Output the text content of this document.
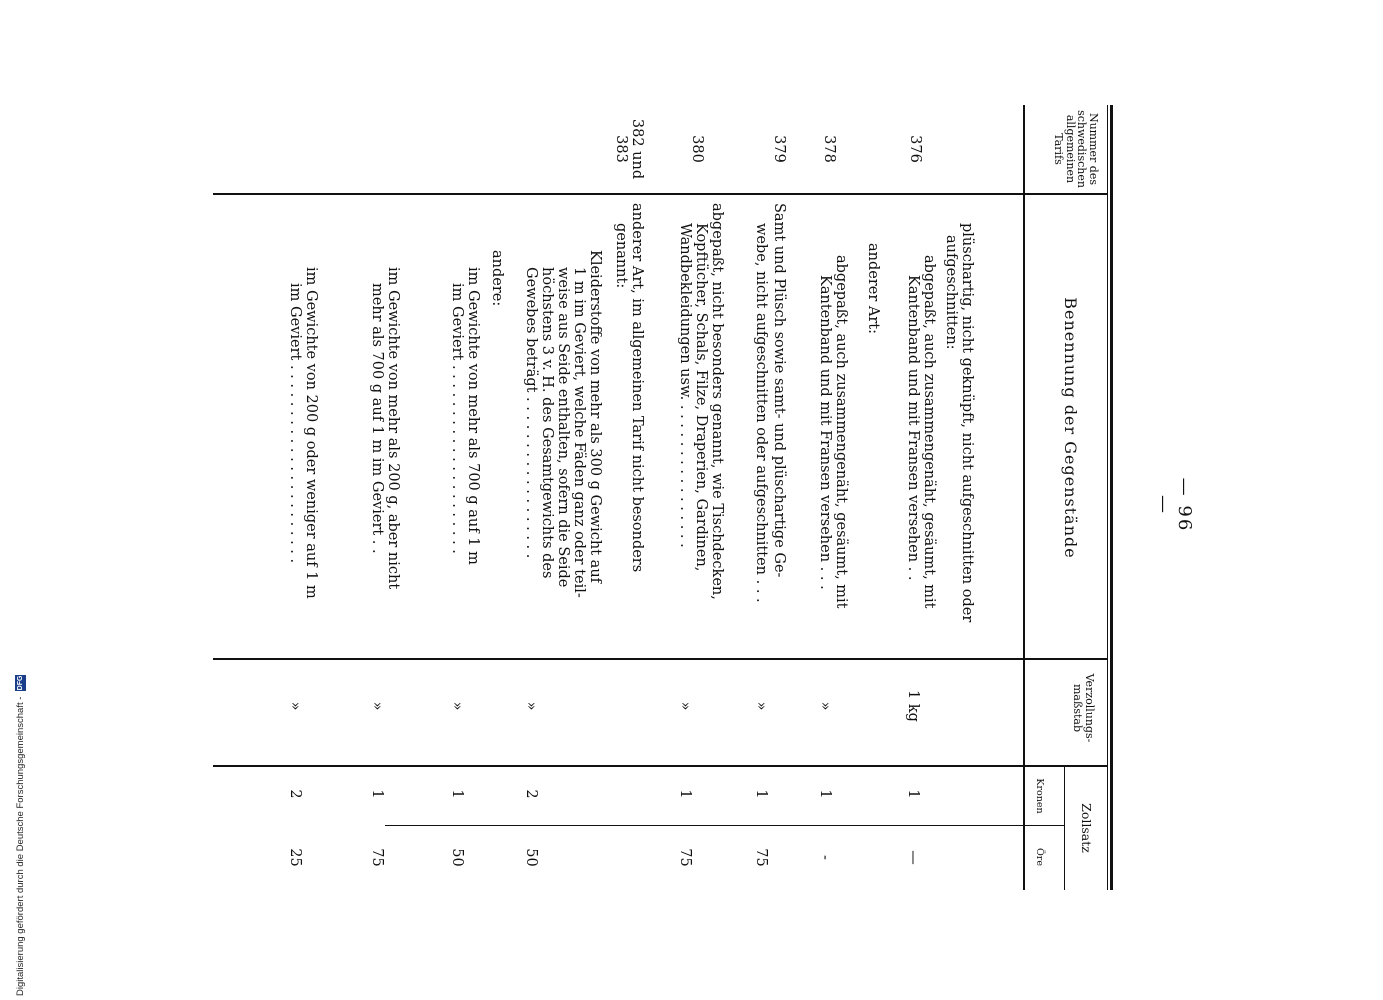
Digitalisierung gefördert durch die Deutsche Forschungsgemeinschaft - DFG
— 96 —
Nummer des schwedischen allgemeinen Tarifs
Benennung der Gegenstände
Verzollungsmaßstab
Zollsatz
Kronen
Öre
plüschartig, nicht geknüpft, nicht aufgeschnitten oder
aufgeschnitten:
abgepaßt, auch zusammengenäht, gesäumt, mit
376
Kantenband und mit Fransen versehen . .
1 kg
1
—
anderer Art:
abgepaßt, auch zusammengenäht, gesäumt, mit
378
Kantenband und mit Fransen versehen . . .
»
1
-
379
Samt und Plüsch sowie samt- und plüschartige Ge-
webe, nicht aufgeschnitten oder aufgeschnitten . . .
»
1
75
380
abgepaßt, nicht besonders genannt, wie Tischdecken,
Kopftücher, Schals, Filze, Draperien, Gardinen,
Wandbekleidungen usw. . . . . . . . . . . . . . . . .
»
1
75
382 und 383
anderer Art, im allgemeinen Tarif nicht besonders
genannt:
Kleiderstoffe von mehr als 300 g Gewicht auf
1 m im Geviert, welche Fäden ganz oder teil-
weise aus Seide enthalten, sofern die Seide
höchstens 3 v. H. des Gesamtgewichts des
Gewebes beträgt . . . . . . . . . . . . . . . . . .
»
2
50
andere:
im Gewichte von mehr als 700 g auf 1 m
im Geviert . . . . . . . . . . . . . . . . . . . . .
»
1
50
im Gewichte von mehr als 200 g, aber nicht
mehr als 700 g auf 1 m im Geviert . .
»
1
75
im Gewichte von 200 g oder weniger auf 1 m
im Geviert . . . . . . . . . . . . . . . . . . . . . .
»
2
25
